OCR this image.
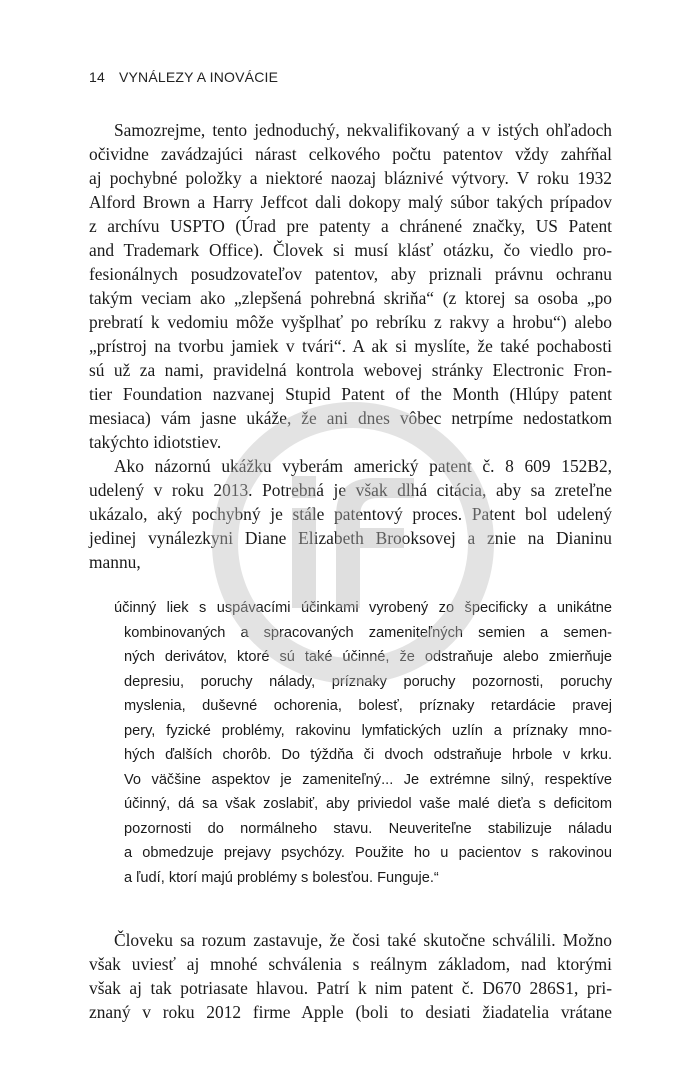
14 VYNÁLEZY A INOVÁCIE
Samozrejme, tento jednoduchý, nekvalifikovaný a v istých ohľadoch
očividne zavádzajúci nárast celkového počtu patentov vždy zahŕňal
aj pochybné položky a niektoré naozaj bláznivé výtvory. V roku 1932
Alford Brown a Harry Jeffcot dali dokopy malý súbor takých prípadov
z archívu USPTO (Úrad pre patenty a chránené značky, US Patent
and Trademark Office). Človek si musí klásť otázku, čo viedlo pro-
fesionálnych posudzovateľov patentov, aby priznali právnu ochranu
takým veciam ako „zlepšená pohrebná skriňa“ (z ktorej sa osoba „po
prebratí k vedomiu môže vyšplhať po rebríku z rakvy a hrobu“) alebo
„prístroj na tvorbu jamiek v tvári“. A ak si myslíte, že také pochabosti
sú už za nami, pravidelná kontrola webovej stránky Electronic Fron-
tier Foundation nazvanej Stupid Patent of the Month (Hlúpy patent
mesiaca) vám jasne ukáže, že ani dnes vôbec netrpíme nedostatkom
takýchto idiotstiev.
Ako názornú ukážku vyberám americký patent č. 8 609 152B2,
udelený v roku 2013. Potrebná je však dlhá citácia, aby sa zreteľne
ukázalo, aký pochybný je stále patentový proces. Patent bol udelený
jedinej vynálezkyni Diane Elizabeth Brooksovej a znie na Dianinu
mannu,
účinný liek s uspávacími účinkami vyrobený zo špecificky a unikátne
kombinovaných a spracovaných zameniteľných semien a semen-
ných derivátov, ktoré sú také účinné, že odstraňuje alebo zmierňuje
depresiu, poruchy nálady, príznaky poruchy pozornosti, poruchy
myslenia, duševné ochorenia, bolesť, príznaky retardácie pravej
pery, fyzické problémy, rakovinu lymfatických uzlín a príznaky mno-
hých ďalších chorôb. Do týždňa či dvoch odstraňuje hrbole v krku.
Vo väčšine aspektov je zameniteľný... Je extrémne silný, respektíve
účinný, dá sa však zoslabiť, aby priviedol vaše malé dieťa s deficitom
pozornosti do normálneho stavu. Neuveriteľne stabilizuje náladu
a obmedzuje prejavy psychózy. Použite ho u pacientov s rakovinou
a ľudí, ktorí majú problémy s bolesťou. Funguje.“
Človeku sa rozum zastavuje, že čosi také skutočne schválili. Možno
však uviesť aj mnohé schválenia s reálnym základom, nad ktorými
však aj tak potriasate hlavou. Patrí k nim patent č. D670 286S1, pri-
znaný v roku 2012 firme Apple (boli to desiati žiadatelia vrátane
